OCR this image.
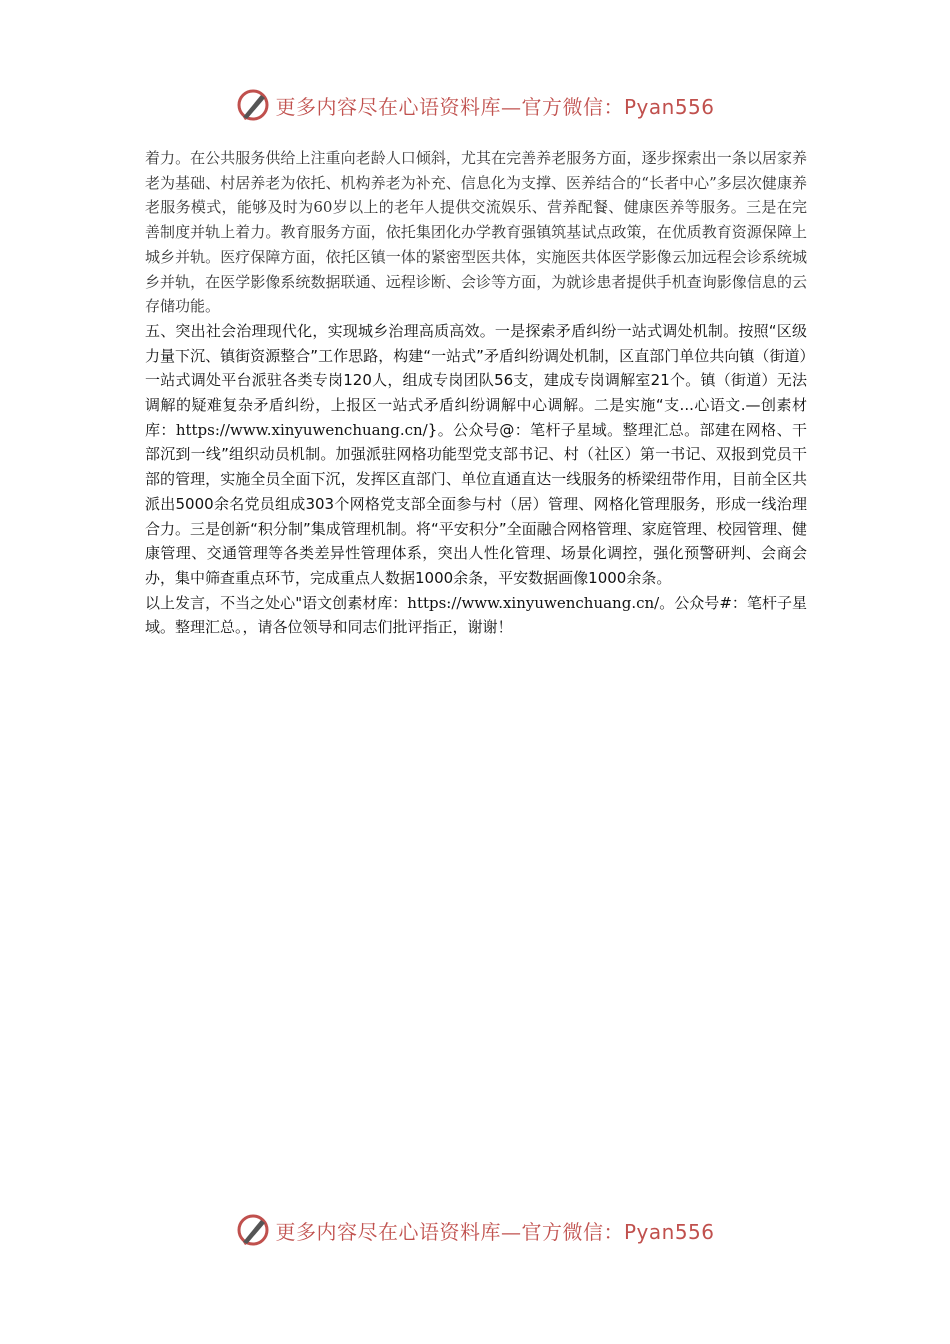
更多内容尽在心语资料库—官方微信：Pyan556

着力。在公共服务供给上注重向老龄人口倾斜，尤其在完善养老服务方面，逐步探索出一条以居家养老为基础、村居养老为依托、机构养老为补充、信息化为支撑、医养结合的“长者中心”多层次健康养老服务模式，能够及时为60岁以上的老年人提供交流娱乐、营养配餐、健康医养等服务。三是在完善制度并轨上着力。教育服务方面，依托集团化办学教育强镇筑基试点政策，在优质教育资源保障上城乡并轨。医疗保障方面，依托区镇一体的紧密型医共体，实施医共体医学影像云加远程会诊系统城乡并轨，在医学影像系统数据联通、远程诊断、会诊等方面，为就诊患者提供手机查询影像信息的云存储功能。

五、突出社会治理现代化，实现城乡治理高质高效。一是探索矛盾纠纷一站式调处机制。按照“区级力量下沉、镇街资源整合”工作思路，构建“一站式”矛盾纠纷调处机制，区直部门单位共向镇（街道）一站式调处平台派驻各类专岗120人，组成专岗团队56支，建成专岗调解室21个。镇（街道）无法调解的疑难复杂矛盾纠纷，上报区一站式矛盾纠纷调解中心调解。二是实施“支...心语文.—创素材库：https://www.xinyuwenchuang.cn/}。公众号@：笔杆子星域。整理汇总。部建在网格、干部沉到一线”组织动员机制。加强派驻网格功能型党支部书记、村（社区）第一书记、双报到党员干部的管理，实施全员全面下沉，发挥区直部门、单位直通直达一线服务的桥梁纽带作用，目前全区共派出5000余名党员组成303个网格党支部全面参与村（居）管理、网格化管理服务，形成一线治理合力。三是创新“积分制”集成管理机制。将“平安积分”全面融合网格管理、家庭管理、校园管理、健康管理、交通管理等各类差异性管理体系，突出人性化管理、场景化调控，强化预警研判、会商会办，集中筛查重点环节，完成重点人数据1000余条，平安数据画像1000余条。

以上发言，不当之处心"语文创素材库：https://www.xinyuwenchuang.cn/。公众号#：笔杆子星域。整理汇总。，请各位领导和同志们批评指正，谢谢！

更多内容尽在心语资料库—官方微信：Pyan556
